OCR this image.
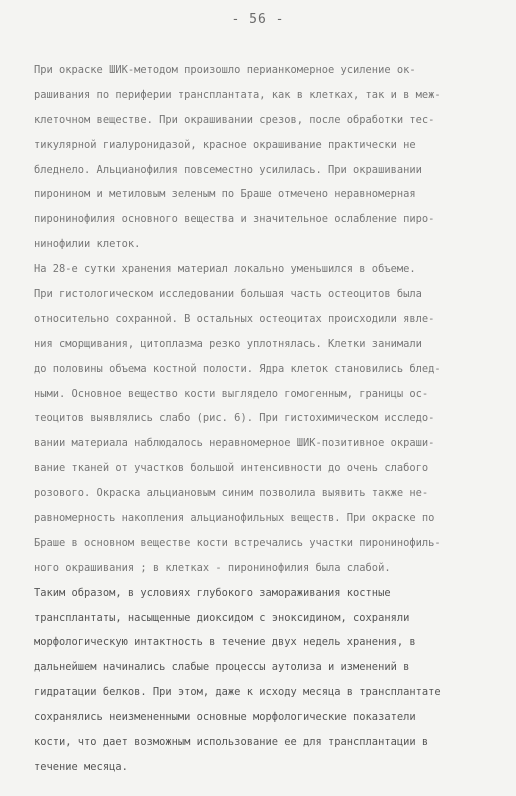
- 56 -
При окраске ШИК-методом произошло перианкомерное усиление ок-
рашивания по периферии трансплантата, как в клетках, так и в меж-
клеточном веществе. При окрашивании срезов, после обработки тес-
тикулярной гиалуронидазой, красное окрашивание практически не
бледнело. Альцианофилия повсеместно усилилась. При окрашивании
пиронином и метиловым зеленым по Браше отмечено неравномерная
пиронинофилия основного вещества и значительное ослабление пиро-
нинофилии клеток.
На 28-е сутки хранения материал локально уменьшился в объеме.
При гистологическом исследовании большая часть остеоцитов была
относительно сохранной. В остальных остеоцитах происходили явле-
ния сморщивания, цитоплазма резко уплотнялась. Клетки занимали
до половины объема костной полости. Ядра клеток становились блед-
ными. Основное вещество кости выглядело гомогенным, границы ос-
теоцитов выявлялись слабо (рис. 6). При гистохимическом исследо-
вании материала наблюдалось неравномерное ШИК-позитивное окраши-
вание тканей от участков большой интенсивности до очень слабого
розового. Окраска альциановым синим позволила выявить также не-
равномерность накопления альцианофильных веществ. При окраске по
Браше в основном веществе кости встречались участки пиронинофиль-
ного окрашивания ; в клетках - пиронинофилия была слабой.
Таким образом, в условиях глубокого замораживания костные
трансплантаты, насыщенные диоксидом с эноксидином, сохраняли
морфологическую интактность в течение двух недель хранения, в
дальнейшем начинались слабые процессы аутолиза и изменений в
гидратации белков. При этом, даже к исходу месяца в трансплантате
сохранялись неизмененными основные морфологические показатели
кости, что дает возможным использование ее для трансплантации в
течение месяца.
